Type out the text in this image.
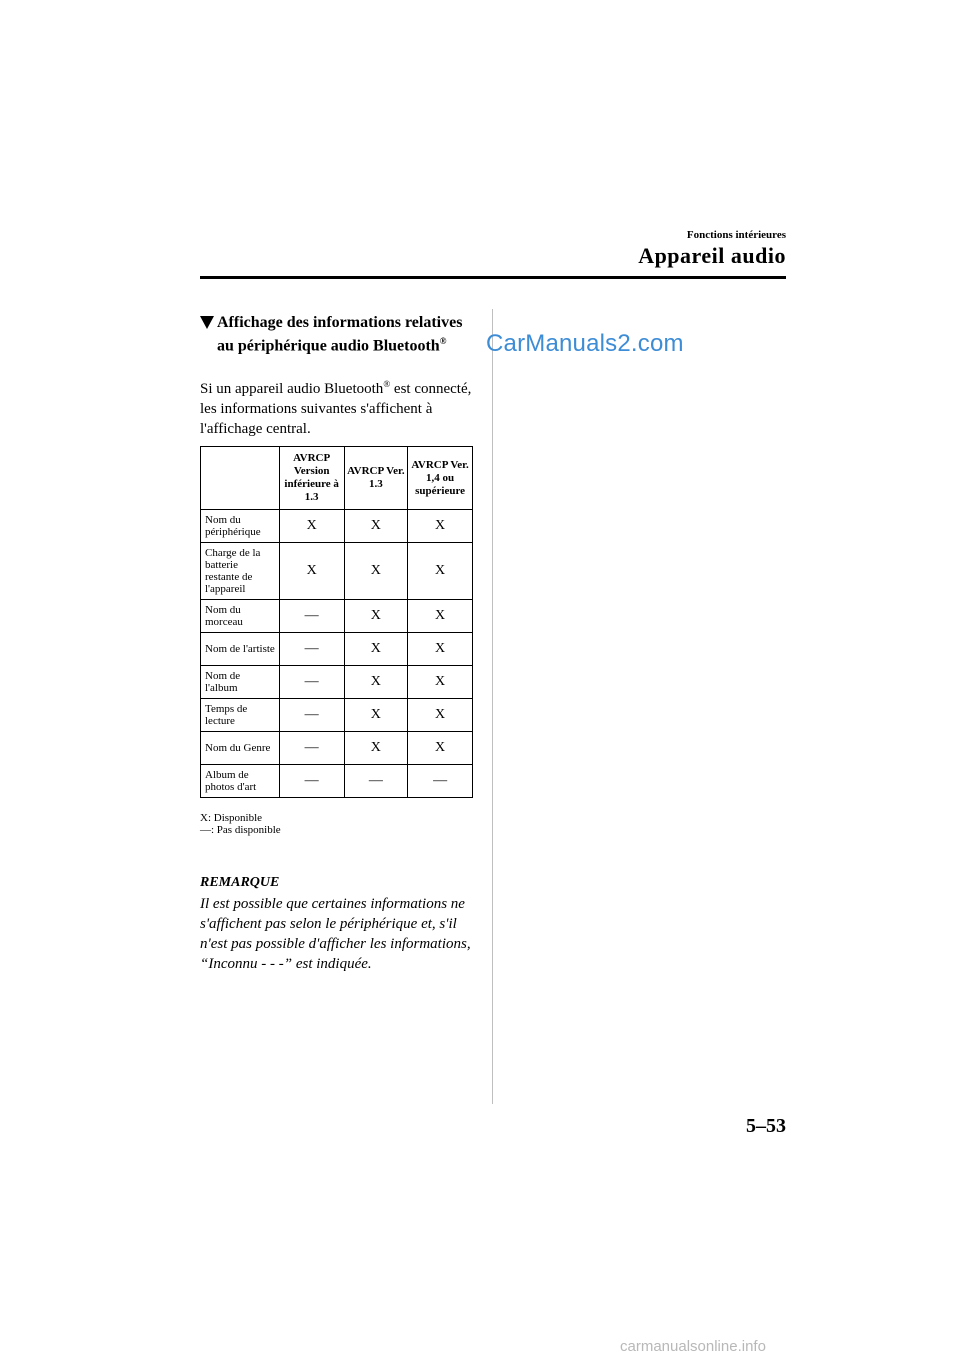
Fonctions intérieures
Appareil audio
Affichage des informations relatives au périphérique audio Bluetooth®	CarManuals2.com
Si un appareil audio Bluetooth® est connecté, les informations suivantes s'affichent à l'affichage central.
	AVRCP Version inférieure à 1.3	AVRCP Ver. 1.3	AVRCP Ver. 1,4 ou supérieure
Nom du périphérique	X	X	X
Charge de la batterie restante de l'appareil	X	X	X
Nom du morceau	—	X	X
Nom de l'artiste	—	X	X
Nom de l'album	—	X	X
Temps de lecture	—	X	X
Nom du Genre	—	X	X
Album de photos d'art	—	—	—
X: Disponible
—: Pas disponible
REMARQUE
Il est possible que certaines informations ne s'affichent pas selon le périphérique et, s'il n'est pas possible d'afficher les informations, “Inconnu - - -” est indiquée.
5–53
carmanualsonline.info
